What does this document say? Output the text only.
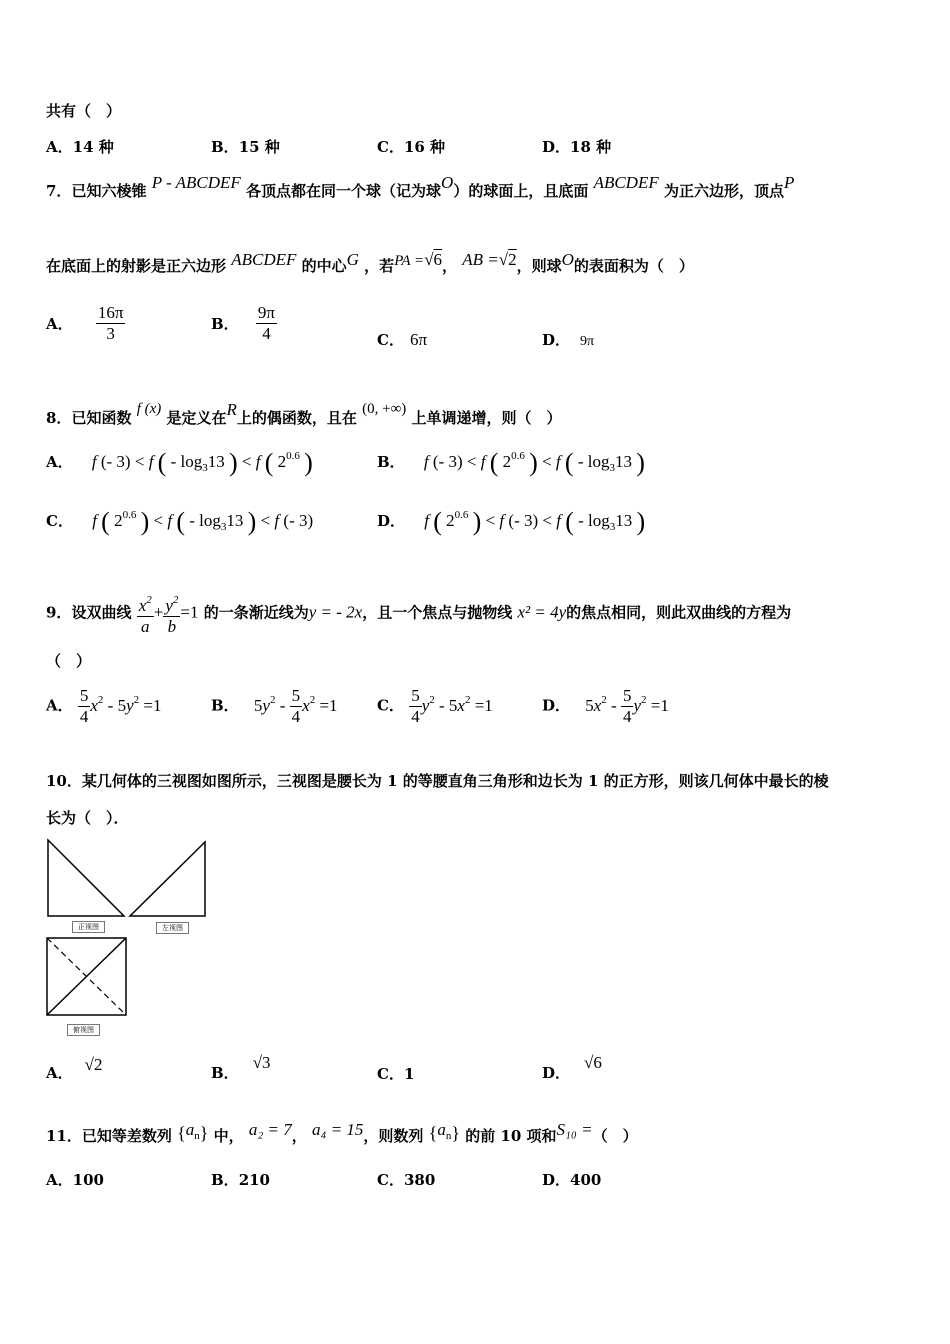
共有（　）
A．14 种	B．15 种	C．16 种	D．18 种
7．已知六棱锥 P - ABCDEF 各顶点都在同一个球（记为球O）的球面上，且底面 ABCDEF 为正六边形，顶点P
在底面上的射影是正六边形 ABCDEF 的中心G ，若PA =√6， AB =√2，则球O的表面积为（　）
A． $\frac{16\pi}{3}$	B． $\frac{9\pi}{4}$	C． 6π	D． 9π
8．已知函数 f (x) 是定义在R上的偶函数，且在 (0, +∞) 上单调递增，则（　）
A． f (- 3) < f ( - $\log_313$ ) < f ( $2^{0.6}$ )	B． f (- 3) < f ( $2^{0.6}$ ) < f ( - $\log_313$ )
C． f ( $2^{0.6}$ ) < f ( - $\log_313$ ) < f (- 3)	D． f ( $2^{0.6}$ ) < f (- 3) < f ( - $\log_313$ )
9．设双曲线 $\frac{x^2}{a} + \frac{y^2}{b} =1$ 的一条渐近线为y = - 2x，且一个焦点与抛物线 x² = 4y的焦点相同，则此双曲线的方程为
（　）
A． $\frac{5}{4} x^2 - 5y^2 =1$	B． $5y^2 - \frac{5}{4} x^2 =1$	C． $\frac{5}{4} y^2 - 5x^2 =1$	D． $5x^2 - \frac{5}{4} y^2 =1$
10．某几何体的三视图如图所示，三视图是腰长为 1 的等腰直角三角形和边长为 1 的正方形，则该几何体中最长的棱
长为（　）．
正视图	左视图
俯视图
A． √2	B．√3
C．1	D．√6
11．已知等差数列 $\{a_n\}$ 中， a₂ = 7， a₄ = 15，则数列 $\{a_n\}$ 的前 10 项和S₁₀ =（　）
A．100	B．210	C．380	D．400
